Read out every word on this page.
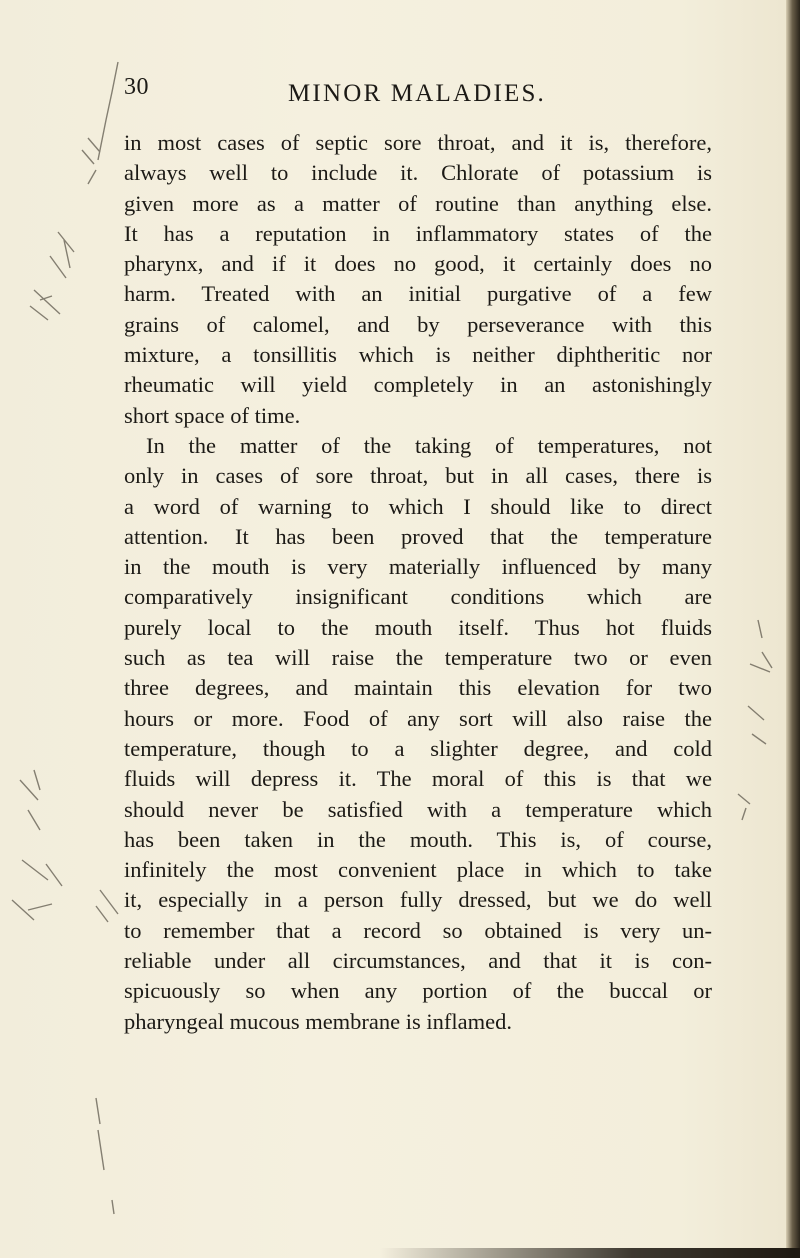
30	MINOR MALADIES.
in most cases of septic sore throat, and it is, therefore,
always well to include it. Chlorate of potassium is
given more as a matter of routine than anything else.
It has a reputation in inflammatory states of the
pharynx, and if it does no good, it certainly does no
harm. Treated with an initial purgative of a few
grains of calomel, and by perseverance with this
mixture, a tonsillitis which is neither diphtheritic nor
rheumatic will yield completely in an astonishingly
short space of time.
In the matter of the taking of temperatures, not
only in cases of sore throat, but in all cases, there is
a word of warning to which I should like to direct
attention. It has been proved that the temperature
in the mouth is very materially influenced by many
comparatively insignificant conditions which are
purely local to the mouth itself. Thus hot fluids
such as tea will raise the temperature two or even
three degrees, and maintain this elevation for two
hours or more. Food of any sort will also raise the
temperature, though to a slighter degree, and cold
fluids will depress it. The moral of this is that we
should never be satisfied with a temperature which
has been taken in the mouth. This is, of course,
infinitely the most convenient place in which to take
it, especially in a person fully dressed, but we do well
to remember that a record so obtained is very un-
reliable under all circumstances, and that it is con-
spicuously so when any portion of the buccal or
pharyngeal mucous membrane is inflamed.
